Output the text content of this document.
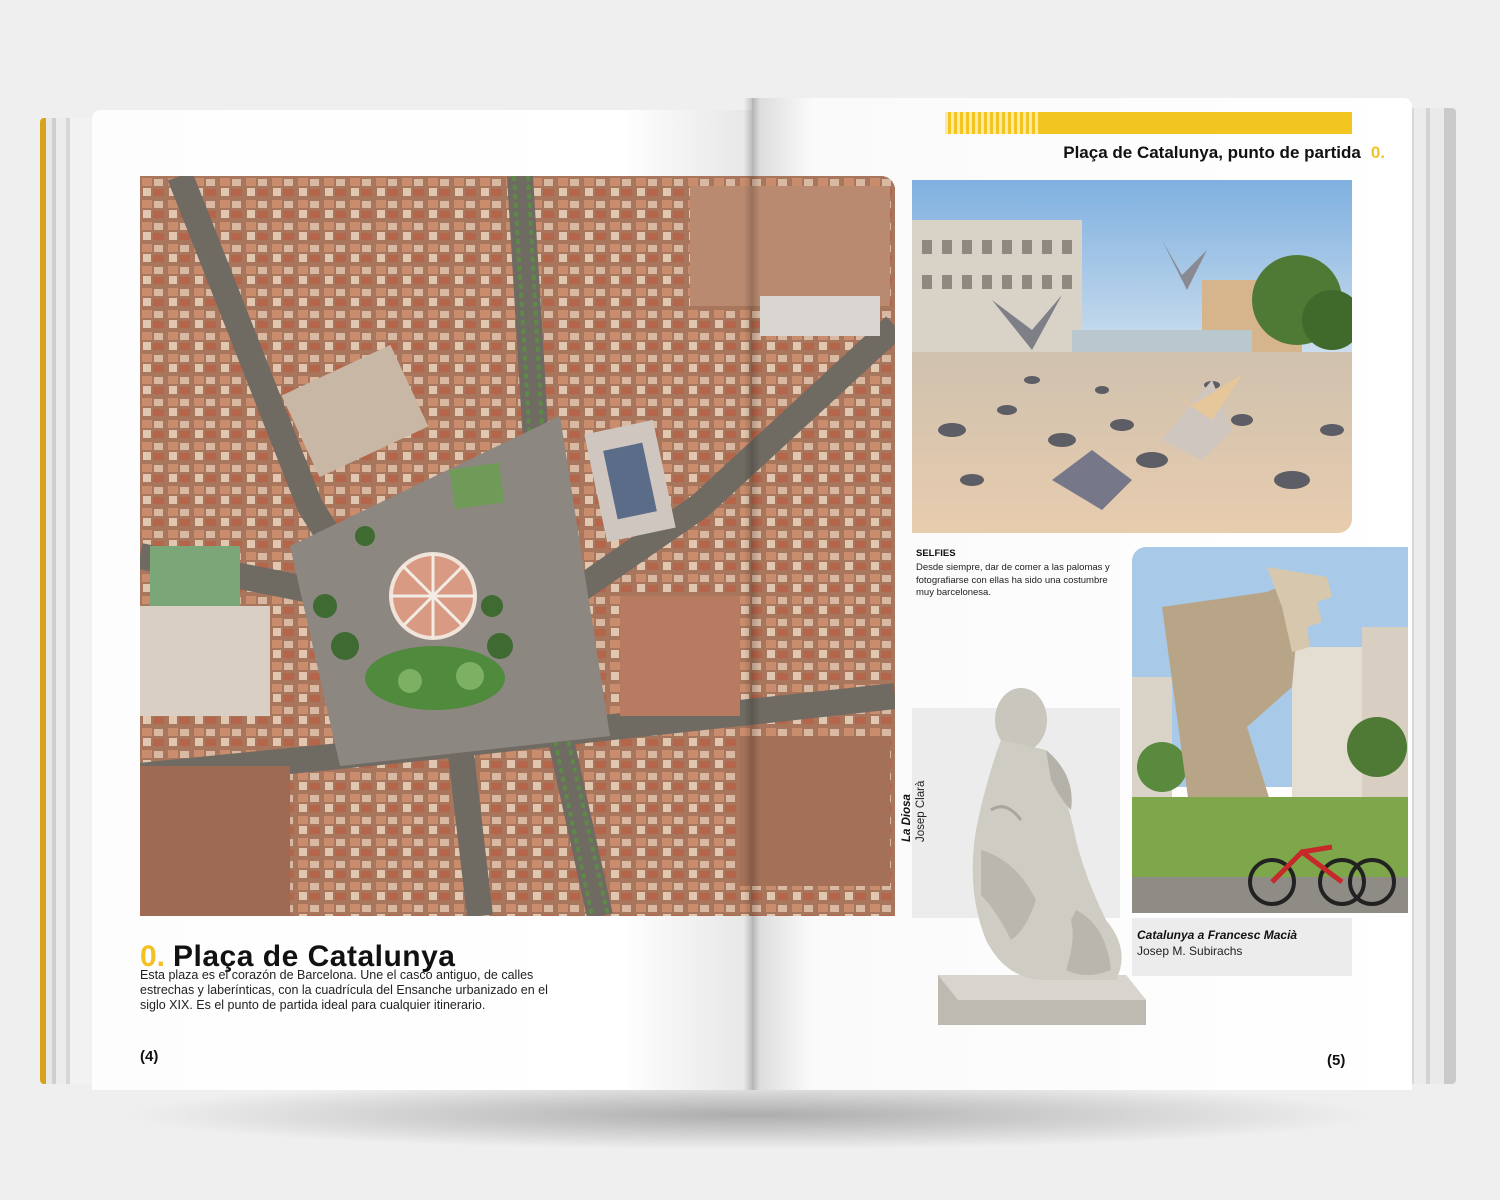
0. Plaça de Catalunya
Esta plaza es el corazón de Barcelona. Une el casco antiguo, de calles estrechas y laberínticas, con la cuadrícula del Ensanche urbanizado en el siglo XIX. Es el punto de partida ideal para cualquier itinerario.
(4)
Plaça de Catalunya, punto de partida 0.
SELFIES
Desde siempre, dar de comer a las palomas y fotografiarse con ellas ha sido una costumbre muy barcelonesa.
La Diosa Josep Clarà
Catalunya a Francesc Macià
Josep M. Subirachs
(5)
